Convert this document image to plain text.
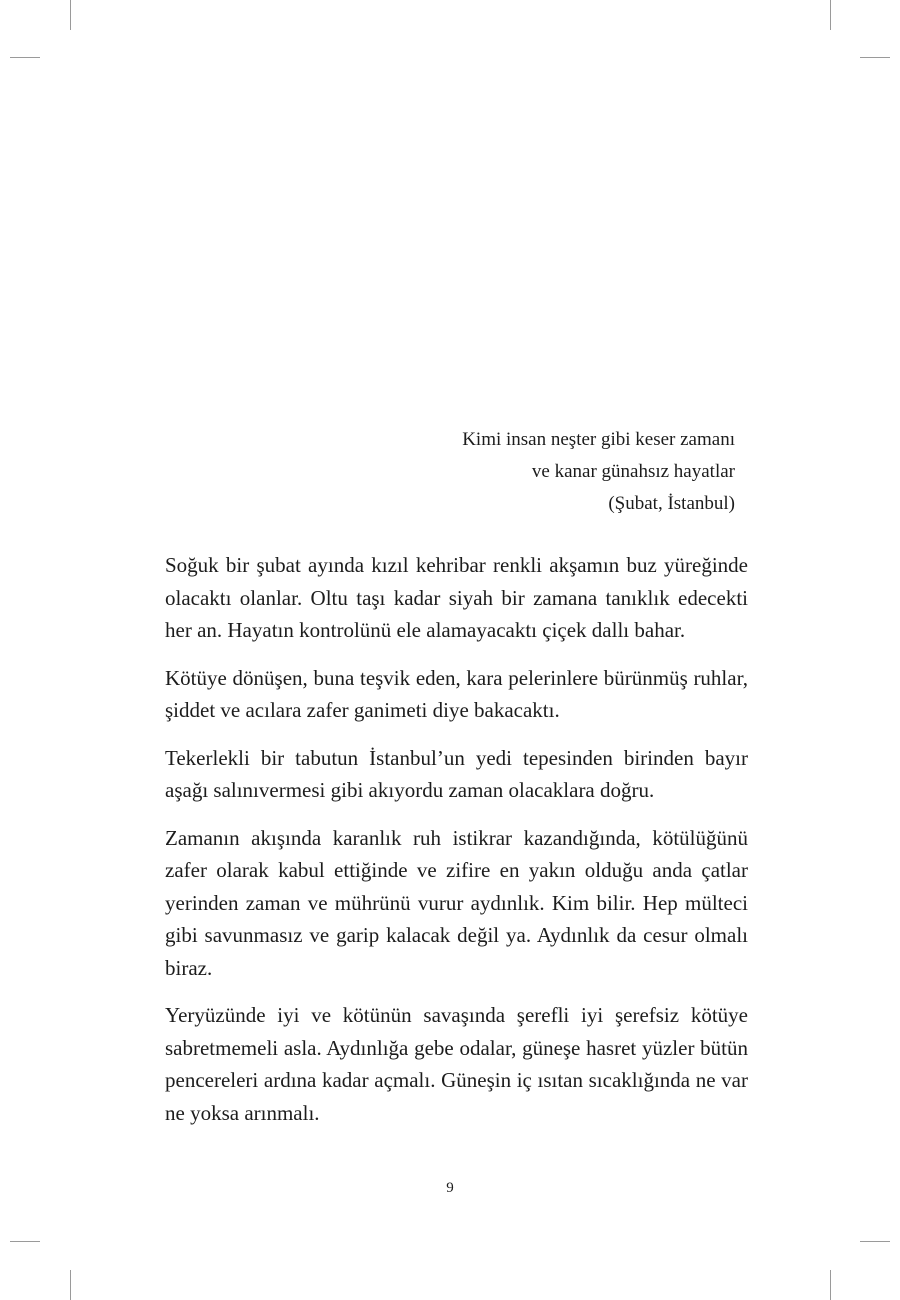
Kimi insan neşter gibi keser zamanı
ve kanar günahsız hayatlar
(Şubat, İstanbul)

Soğuk bir şubat ayında kızıl kehribar renkli akşamın buz yüreğinde olacaktı olanlar. Oltu taşı kadar siyah bir zamana tanıklık edecekti her an. Hayatın kontrolünü ele alamayacaktı çiçek dallı bahar.

Kötüye dönüşen, buna teşvik eden, kara pelerinlere bürünmüş ruhlar, şiddet ve acılara zafer ganimeti diye bakacaktı.

Tekerlekli bir tabutun İstanbul’un yedi tepesinden birinden bayır aşağı salınıvermesi gibi akıyordu zaman olacaklara doğru.

Zamanın akışında karanlık ruh istikrar kazandığında, kötülüğünü zafer olarak kabul ettiğinde ve zifire en yakın olduğu anda çatlar yerinden zaman ve mührünü vurur aydınlık. Kim bilir. Hep mülteci gibi savunmasız ve garip kalacak değil ya. Aydınlık da cesur olmalı biraz.

Yeryüzünde iyi ve kötünün savaşında şerefli iyi şerefsiz kötüye sabretmemeli asla. Aydınlığa gebe odalar, güneşe hasret yüzler bütün pencereleri ardına kadar açmalı. Güneşin iç ısıtan sıcaklığında ne var ne yoksa arınmalı.

9
